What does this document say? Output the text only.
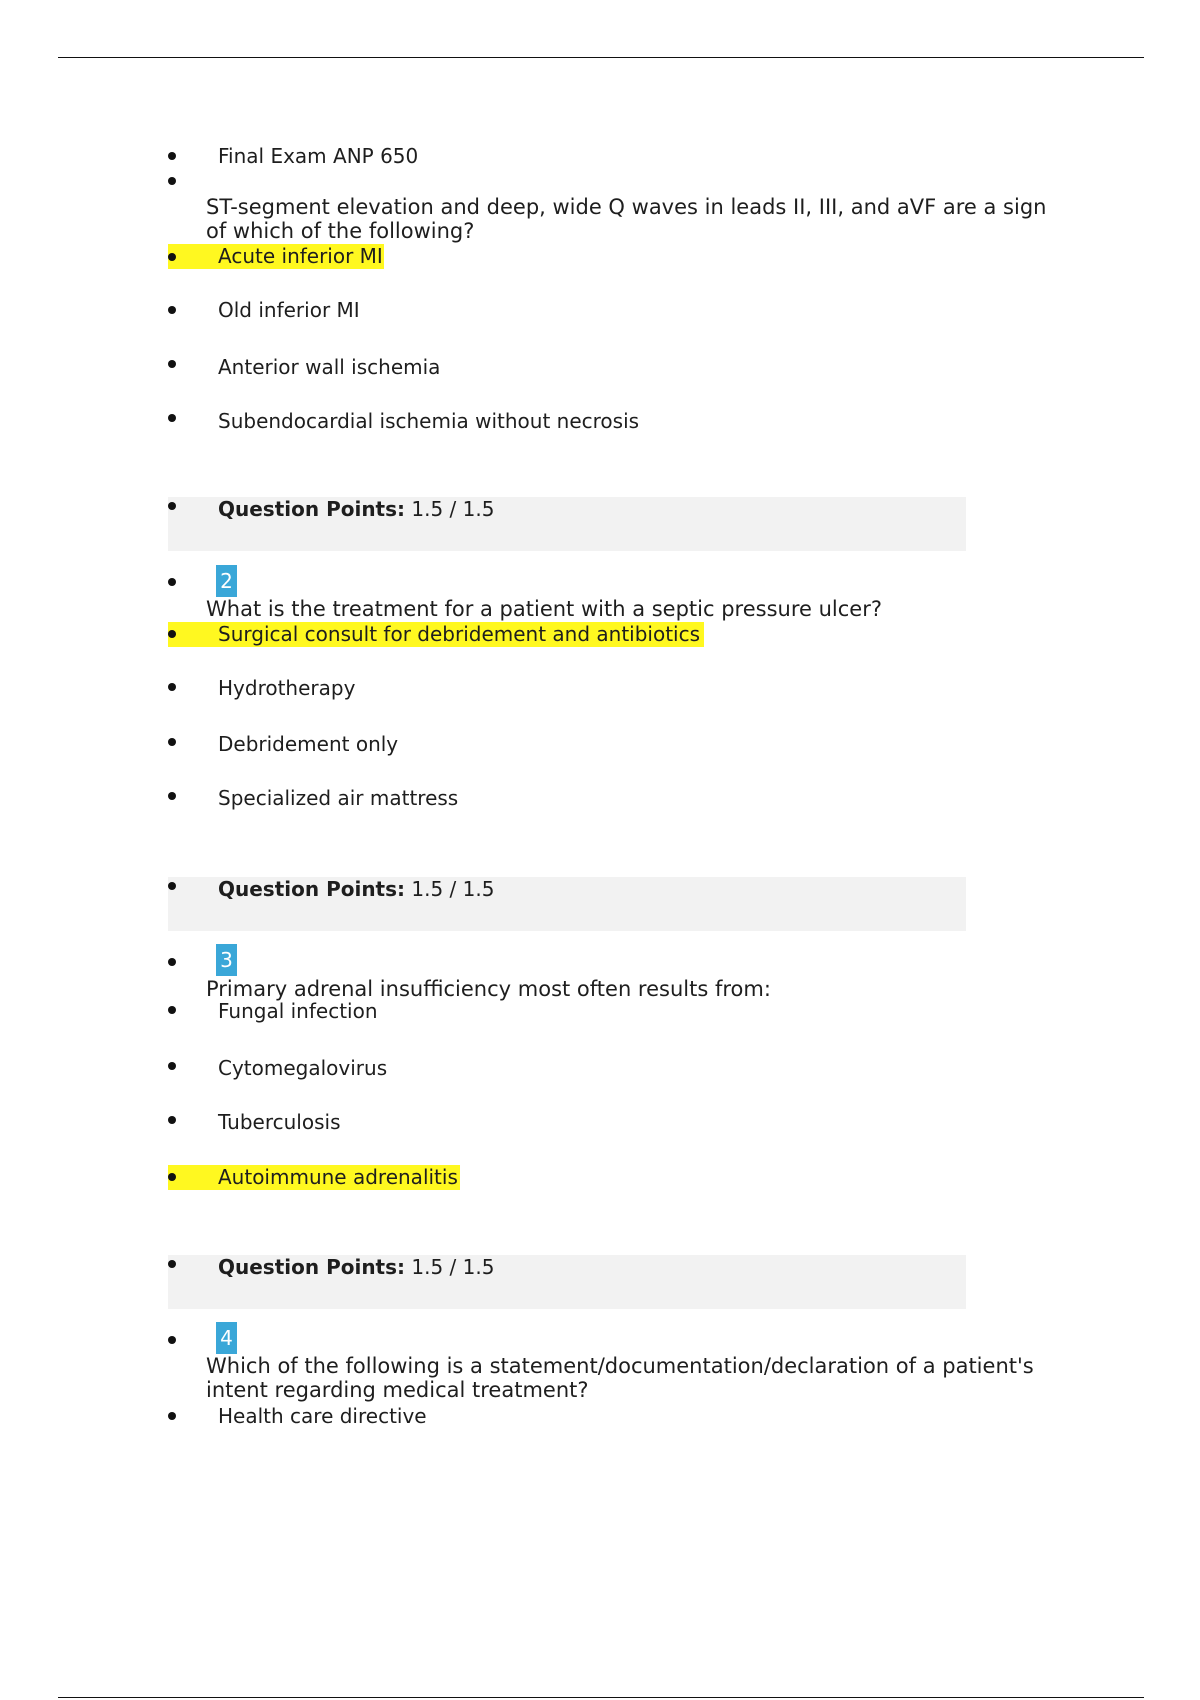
Final Exam ANP 650
ST-segment elevation and deep, wide Q waves in leads II, III, and aVF are a sign of which of the following?
Acute inferior MI
Old inferior MI
Anterior wall ischemia
Subendocardial ischemia without necrosis
Question Points: 1.5 / 1.5
2
What is the treatment for a patient with a septic pressure ulcer?
Surgical consult for debridement and antibiotics
Hydrotherapy
Debridement only
Specialized air mattress
Question Points: 1.5 / 1.5
3
Primary adrenal insufficiency most often results from:
Fungal infection
Cytomegalovirus
Tuberculosis
Autoimmune adrenalitis
Question Points: 1.5 / 1.5
4
Which of the following is a statement/documentation/declaration of a patient's intent regarding medical treatment?
Health care directive
